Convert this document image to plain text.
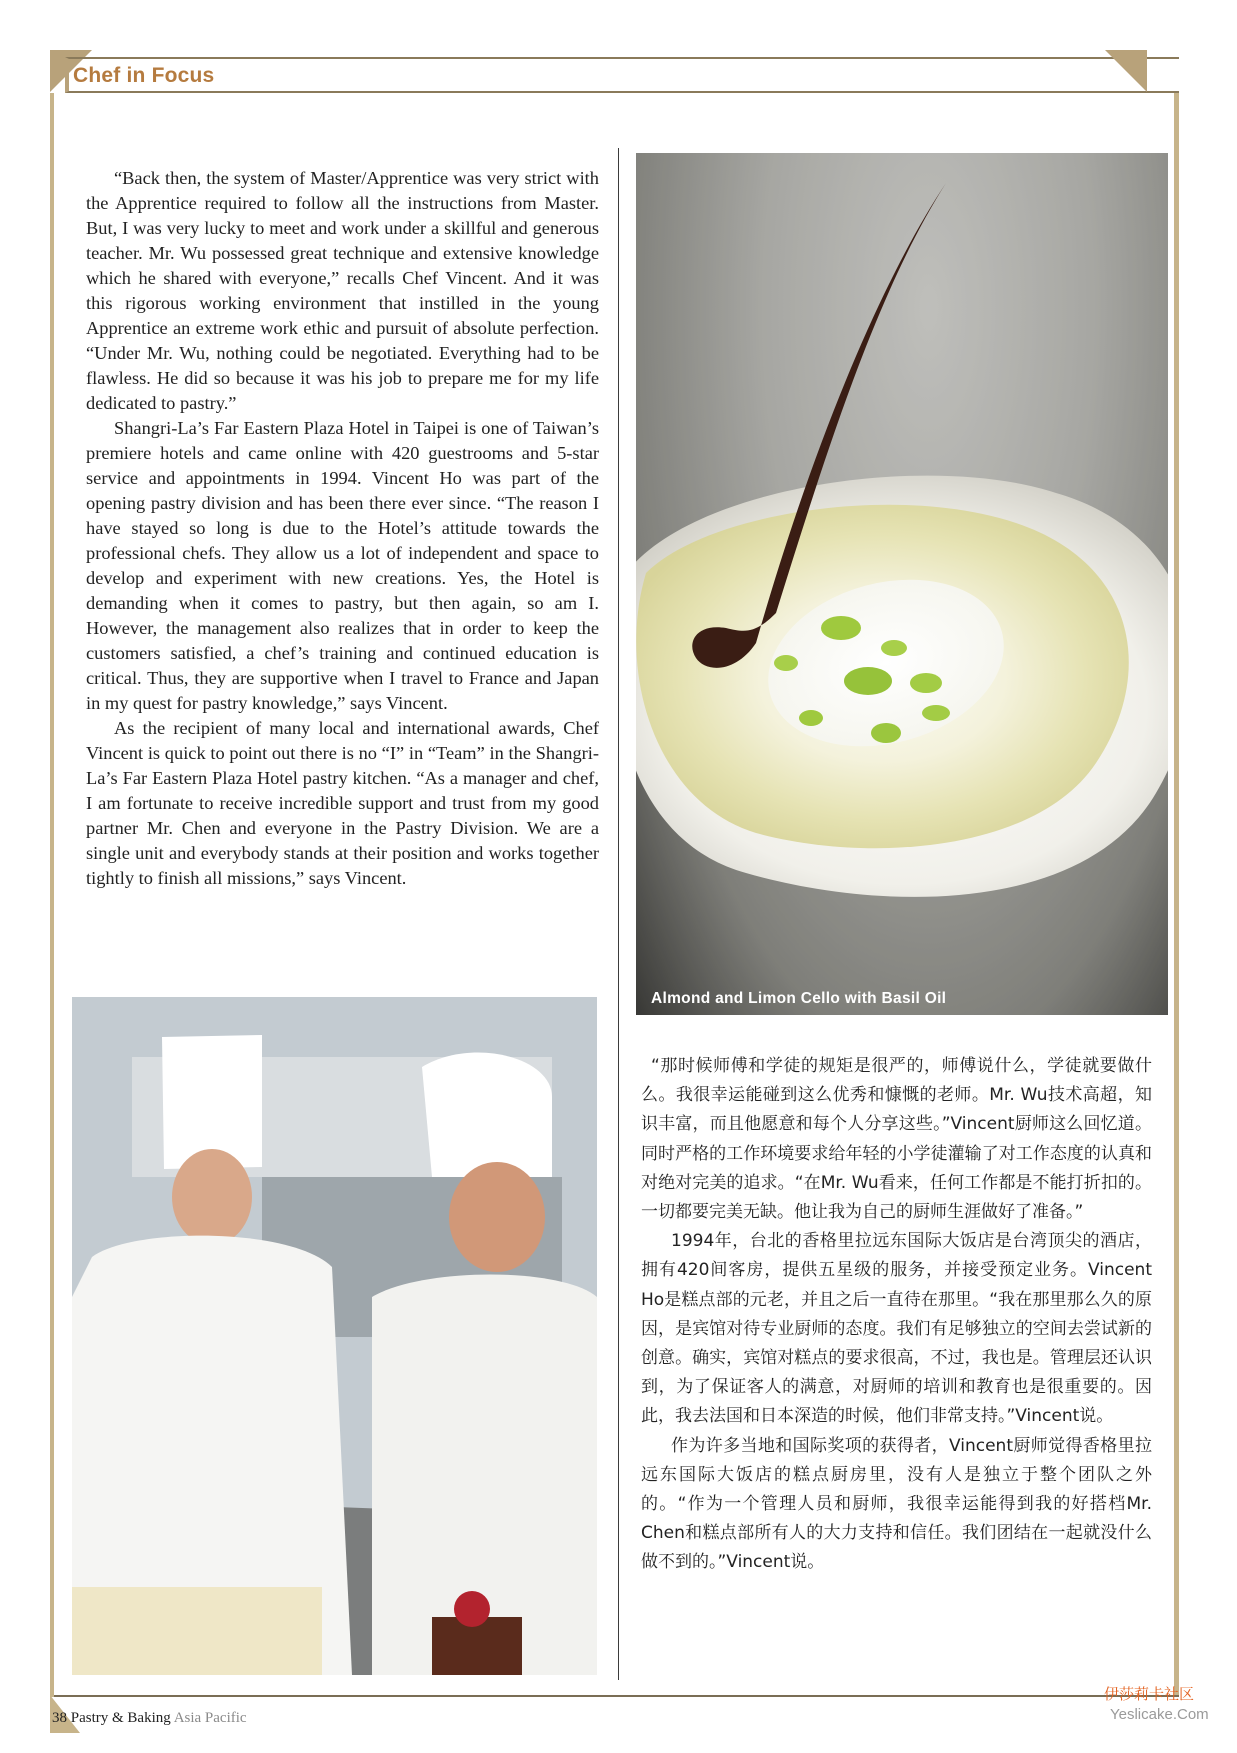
Chef in Focus

“Back then, the system of Master/Apprentice was very strict with the Apprentice required to follow all the instructions from Master. But, I was very lucky to meet and work under a skillful and generous teacher. Mr. Wu possessed great technique and extensive knowledge which he shared with everyone,” recalls Chef Vincent. And it was this rigorous working environment that instilled in the young Apprentice an extreme work ethic and pursuit of absolute perfection. “Under Mr. Wu, nothing could be negotiated. Everything had to be flawless. He did so because it was his job to prepare me for my life dedicated to pastry.”

Shangri-La’s Far Eastern Plaza Hotel in Taipei is one of Taiwan’s premiere hotels and came online with 420 guestrooms and 5-star service and appointments in 1994. Vincent Ho was part of the opening pastry division and has been there ever since. “The reason I have stayed so long is due to the Hotel’s attitude towards the professional chefs. They allow us a lot of independent and space to develop and experiment with new creations. Yes, the Hotel is demanding when it comes to pastry, but then again, so am I. However, the management also realizes that in order to keep the customers satisfied, a chef’s training and continued education is critical. Thus, they are supportive when I travel to France and Japan in my quest for pastry knowledge,” says Vincent.

As the recipient of many local and international awards, Chef Vincent is quick to point out there is no “I” in “Team” in the Shangri-La’s Far Eastern Plaza Hotel pastry kitchen. “As a manager and chef, I am fortunate to receive incredible support and trust from my good partner Mr. Chen and everyone in the Pastry Division. We are a single unit and everybody stands at their position and works together tightly to finish all missions,” says Vincent.

Almond and Limon Cello with Basil Oil

“那时候师傅和学徒的规矩是很严的，师傅说什么，学徒就要做什么。我很幸运能碰到这么优秀和慷慨的老师。Mr. Wu技术高超，知识丰富，而且他愿意和每个人分享这些。”Vincent厨师这么回忆道。同时严格的工作环境要求给年轻的小学徒灌输了对工作态度的认真和对绝对完美的追求。“在Mr. Wu看来，任何工作都是不能打折扣的。一切都要完美无缺。他让我为自己的厨师生涯做好了准备。”

1994年，台北的香格里拉远东国际大饭店是台湾顶尖的酒店，拥有420间客房，提供五星级的服务，并接受预定业务。Vincent Ho是糕点部的元老，并且之后一直待在那里。“我在那里那么久的原因，是宾馆对待专业厨师的态度。我们有足够独立的空间去尝试新的创意。确实，宾馆对糕点的要求很高，不过，我也是。管理层还认识到，为了保证客人的满意，对厨师的培训和教育也是很重要的。因此，我去法国和日本深造的时候，他们非常支持。”Vincent说。

作为许多当地和国际奖项的获得者，Vincent厨师觉得香格里拉远东国际大饭店的糕点厨房里，没有人是独立于整个团队之外的。“作为一个管理人员和厨师，我很幸运能得到我的好搭档Mr. Chen和糕点部所有人的大力支持和信任。我们团结在一起就没什么做不到的。”Vincent说。

38 Pastry & Baking Asia Pacific
伊莎莉卡社区
Yeslicake.Com
